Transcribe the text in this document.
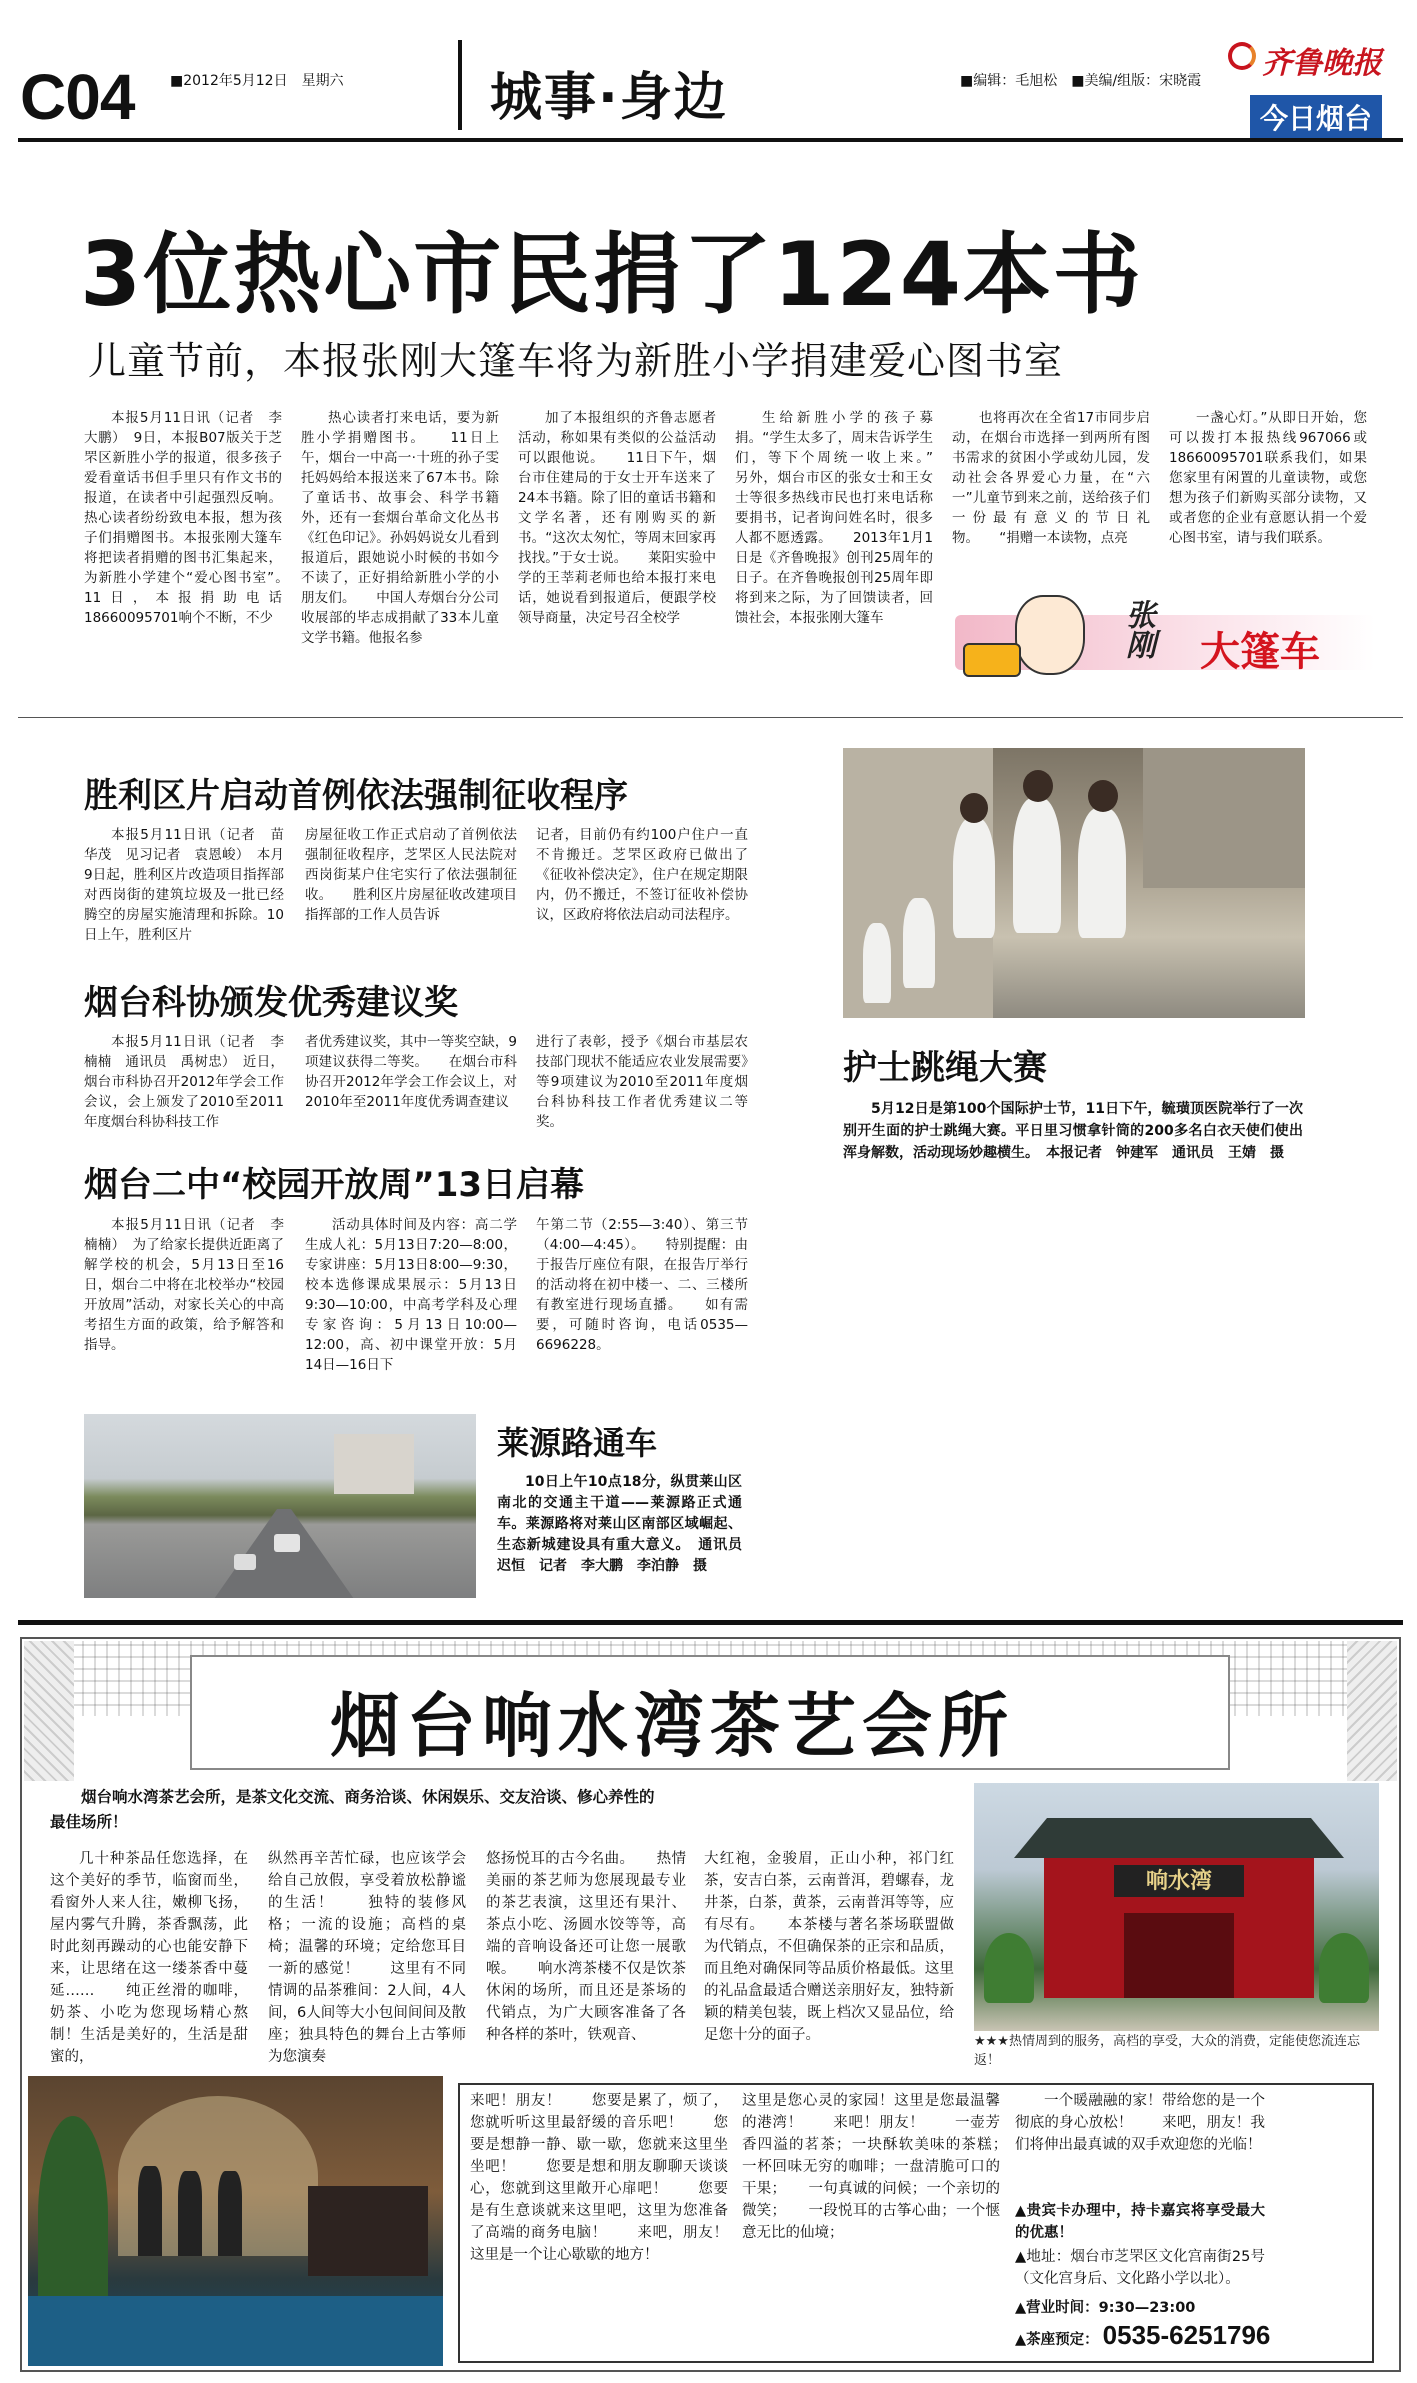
C04	■2012年5月12日　星期六	城事·身边	■编辑：毛旭松　■美编/组版：宋晓霞 齐鲁晚报
今日烟台
3位热心市民捐了124本书
儿童节前，本报张刚大篷车将为新胜小学捐建爱心图书室

本报5月11日讯（记者　李大鹏）　9日，本报B07版关于芝罘区新胜小学的报道，很多孩子爱看童话书但手里只有作文书的报道，在读者中引起强烈反响。热心读者纷纷致电本报，想为孩子们捐赠图书。本报张刚大篷车将把读者捐赠的图书汇集起来，为新胜小学建个“爱心图书室”。　　11日，本报捐助电话18660095701响个不断，不少

热心读者打来电话，要为新胜小学捐赠图书。　　11日上午，烟台一中高一·十班的孙子雯托妈妈给本报送来了67本书。除了童话书、故事会、科学书籍外，还有一套烟台革命文化丛书《红色印记》。孙妈妈说女儿看到报道后，跟她说小时候的书如今不读了，正好捐给新胜小学的小朋友们。　　中国人寿烟台分公司收展部的毕志成捐献了33本儿童文学书籍。他报名参

加了本报组织的齐鲁志愿者活动，称如果有类似的公益活动可以跟他说。　　11日下午，烟台市住建局的于女士开车送来了24本书籍。除了旧的童话书籍和文学名著，还有刚购买的新书。“这次太匆忙，等周末回家再找找。”于女士说。　　莱阳实验中学的王莘莉老师也给本报打来电话，她说看到报道后，便跟学校领导商量，决定号召全校学

生给新胜小学的孩子募捐。“学生太多了，周末告诉学生们，等下个周统一收上来。”　　另外，烟台市区的张女士和王女士等很多热线市民也打来电话称要捐书，记者询问姓名时，很多人都不愿透露。　　2013年1月1日是《齐鲁晚报》创刊25周年的日子。在齐鲁晚报创刊25周年即将到来之际，为了回馈读者，回馈社会，本报张刚大篷车

也将再次在全省17市同步启动，在烟台市选择一到两所有图书需求的贫困小学或幼儿园，发动社会各界爱心力量，在“六一”儿童节到来之前，送给孩子们一份最有意义的节日礼物。　　“捐赠一本读物，点亮

一盏心灯。”从即日开始，您可以拨打本报热线967066或18660095701联系我们，如果您家里有闲置的儿童读物，或您想为孩子们新购买部分读物，又或者您的企业有意愿认捐一个爱心图书室，请与我们联系。

张刚 大篷车
胜利区片启动首例依法强制征收程序

本报5月11日讯（记者　苗华茂　见习记者　袁恩峻）　本月9日起，胜利区片改造项目指挥部对西岗街的建筑垃圾及一批已经腾空的房屋实施清理和拆除。10日上午，胜利区片

房屋征收工作正式启动了首例依法强制征收程序，芝罘区人民法院对西岗街某户住宅实行了依法强制征收。　　胜利区片房屋征收改建项目指挥部的工作人员告诉

记者，目前仍有约100户住户一直不肯搬迁。芝罘区政府已做出了《征收补偿决定》，住户在规定期限内，仍不搬迁，不签订征收补偿协议，区政府将依法启动司法程序。

烟台科协颁发优秀建议奖

本报5月11日讯（记者　李楠楠　通讯员　禹树忠）　近日，烟台市科协召开2012年学会工作会议，会上颁发了2010至2011年度烟台科协科技工作

者优秀建议奖，其中一等奖空缺，9项建议获得二等奖。　　在烟台市科协召开2012年学会工作会议上，对2010年至2011年度优秀调查建议

进行了表彰，授予《烟台市基层农技部门现状不能适应农业发展需要》等9项建议为2010至2011年度烟台科协科技工作者优秀建议二等奖。

烟台二中“校园开放周”13日启幕

本报5月11日讯（记者　李楠楠）　为了给家长提供近距离了解学校的机会，5月13日至16日，烟台二中将在北校举办“校园开放周”活动，对家长关心的中高考招生方面的政策，给予解答和指导。

活动具体时间及内容：高二学生成人礼：5月13日7:20—8:00，专家讲座：5月13日8:00—9:30，校本选修课成果展示：5月13日9:30—10:00，中高考学科及心理专家咨询：5月13日10:00—12:00，高、初中课堂开放：5月14日—16日下

午第二节（2:55—3:40）、第三节（4:00—4:45）。　　特别提醒：由于报告厅座位有限，在报告厅举行的活动将在初中楼一、二、三楼所有教室进行现场直播。　　如有需要，可随时咨询，电话0535—6696228。

护士跳绳大赛

5月12日是第100个国际护士节，11日下午，毓璜顶医院举行了一次别开生面的护士跳绳大赛。平日里习惯拿针筒的200多名白衣天使们使出浑身解数，活动现场妙趣横生。　本报记者　钟建军　通讯员　王婧　摄

莱源路通车

10日上午10点18分，纵贯莱山区南北的交通主干道——莱源路正式通车。莱源路将对莱山区南部区域崛起、生态新城建设具有重大意义。　通讯员　迟恒　记者　李大鹏　李泊静　摄

烟台响水湾茶艺会所
烟台响水湾茶艺会所，是茶文化交流、商务洽谈、休闲娱乐、交友洽谈、修心养性的最佳场所！

几十种茶品任您选择，在这个美好的季节，临窗而坐，看窗外人来人往，嫩柳飞扬，屋内雾气升腾，茶香飘荡，此时此刻再躁动的心也能安静下来，让思绪在这一缕茶香中蔓延……　　纯正丝滑的咖啡，奶茶、小吃为您现场精心熬制！生活是美好的，生活是甜蜜的，

纵然再辛苦忙碌，也应该学会给自己放假，享受着放松静谧的生活！　　独特的装修风格；一流的设施；高档的桌椅；温馨的环境；定给您耳目一新的感觉！　　这里有不同情调的品茶雅间：2人间，4人间，6人间等大小包间间间及散座；独具特色的舞台上古筝师为您演奏

悠扬悦耳的古今名曲。　　热情美丽的茶艺师为您展现最专业的茶艺表演，这里还有果汁、茶点小吃、汤圆水饺等等，高端的音响设备还可让您一展歌喉。　　响水湾茶楼不仅是饮茶休闲的场所，而且还是茶场的代销点，为广大顾客准备了各种各样的茶叶，铁观音、

大红袍，金骏眉，正山小种，祁门红茶，安吉白茶，云南普洱，碧螺春，龙井茶，白茶，黄茶，云南普洱等等，应有尽有。　　本茶楼与著名茶场联盟做为代销点，不但确保茶的正宗和品质，而且绝对确保同等品质价格最低。这里的礼品盒最适合赠送亲朋好友，独特新颖的精美包装，既上档次又显品位，给足您十分的面子。

响水湾
★★★热情周到的服务，高档的享受，大众的消费，定能使您流连忘返！

来吧！朋友！　　您要是累了，烦了，您就听听这里最舒缓的音乐吧！　　您要是想静一静、歇一歇，您就来这里坐坐吧！　　您要是想和朋友聊聊天谈谈心，您就到这里敞开心扉吧！　　您要是有生意谈就来这里吧，这里为您准备了高端的商务电脑！　　来吧，朋友！这里是一个让心歇歇的地方！

这里是您心灵的家园！这里是您最温馨的港湾！　　来吧！朋友！　　一壶芳香四溢的茗茶；一块酥软美味的茶糕；　　一杯回味无穷的咖啡；一盘清脆可口的干果；　　一句真诚的问候；一个亲切的微笑；　　一段悦耳的古筝心曲；一个惬意无比的仙境；

一个暖融融的家！带给您的是一个彻底的身心放松！　　来吧，朋友！我们将伸出最真诚的双手欢迎您的光临！

▲贵宾卡办理中，持卡嘉宾将享受最大的优惠！

▲地址：烟台市芝罘区文化宫南街25号（文化宫身后、文化路小学以北）。

▲营业时间：9:30—23:00
▲茶座预定： 0535-6251796
